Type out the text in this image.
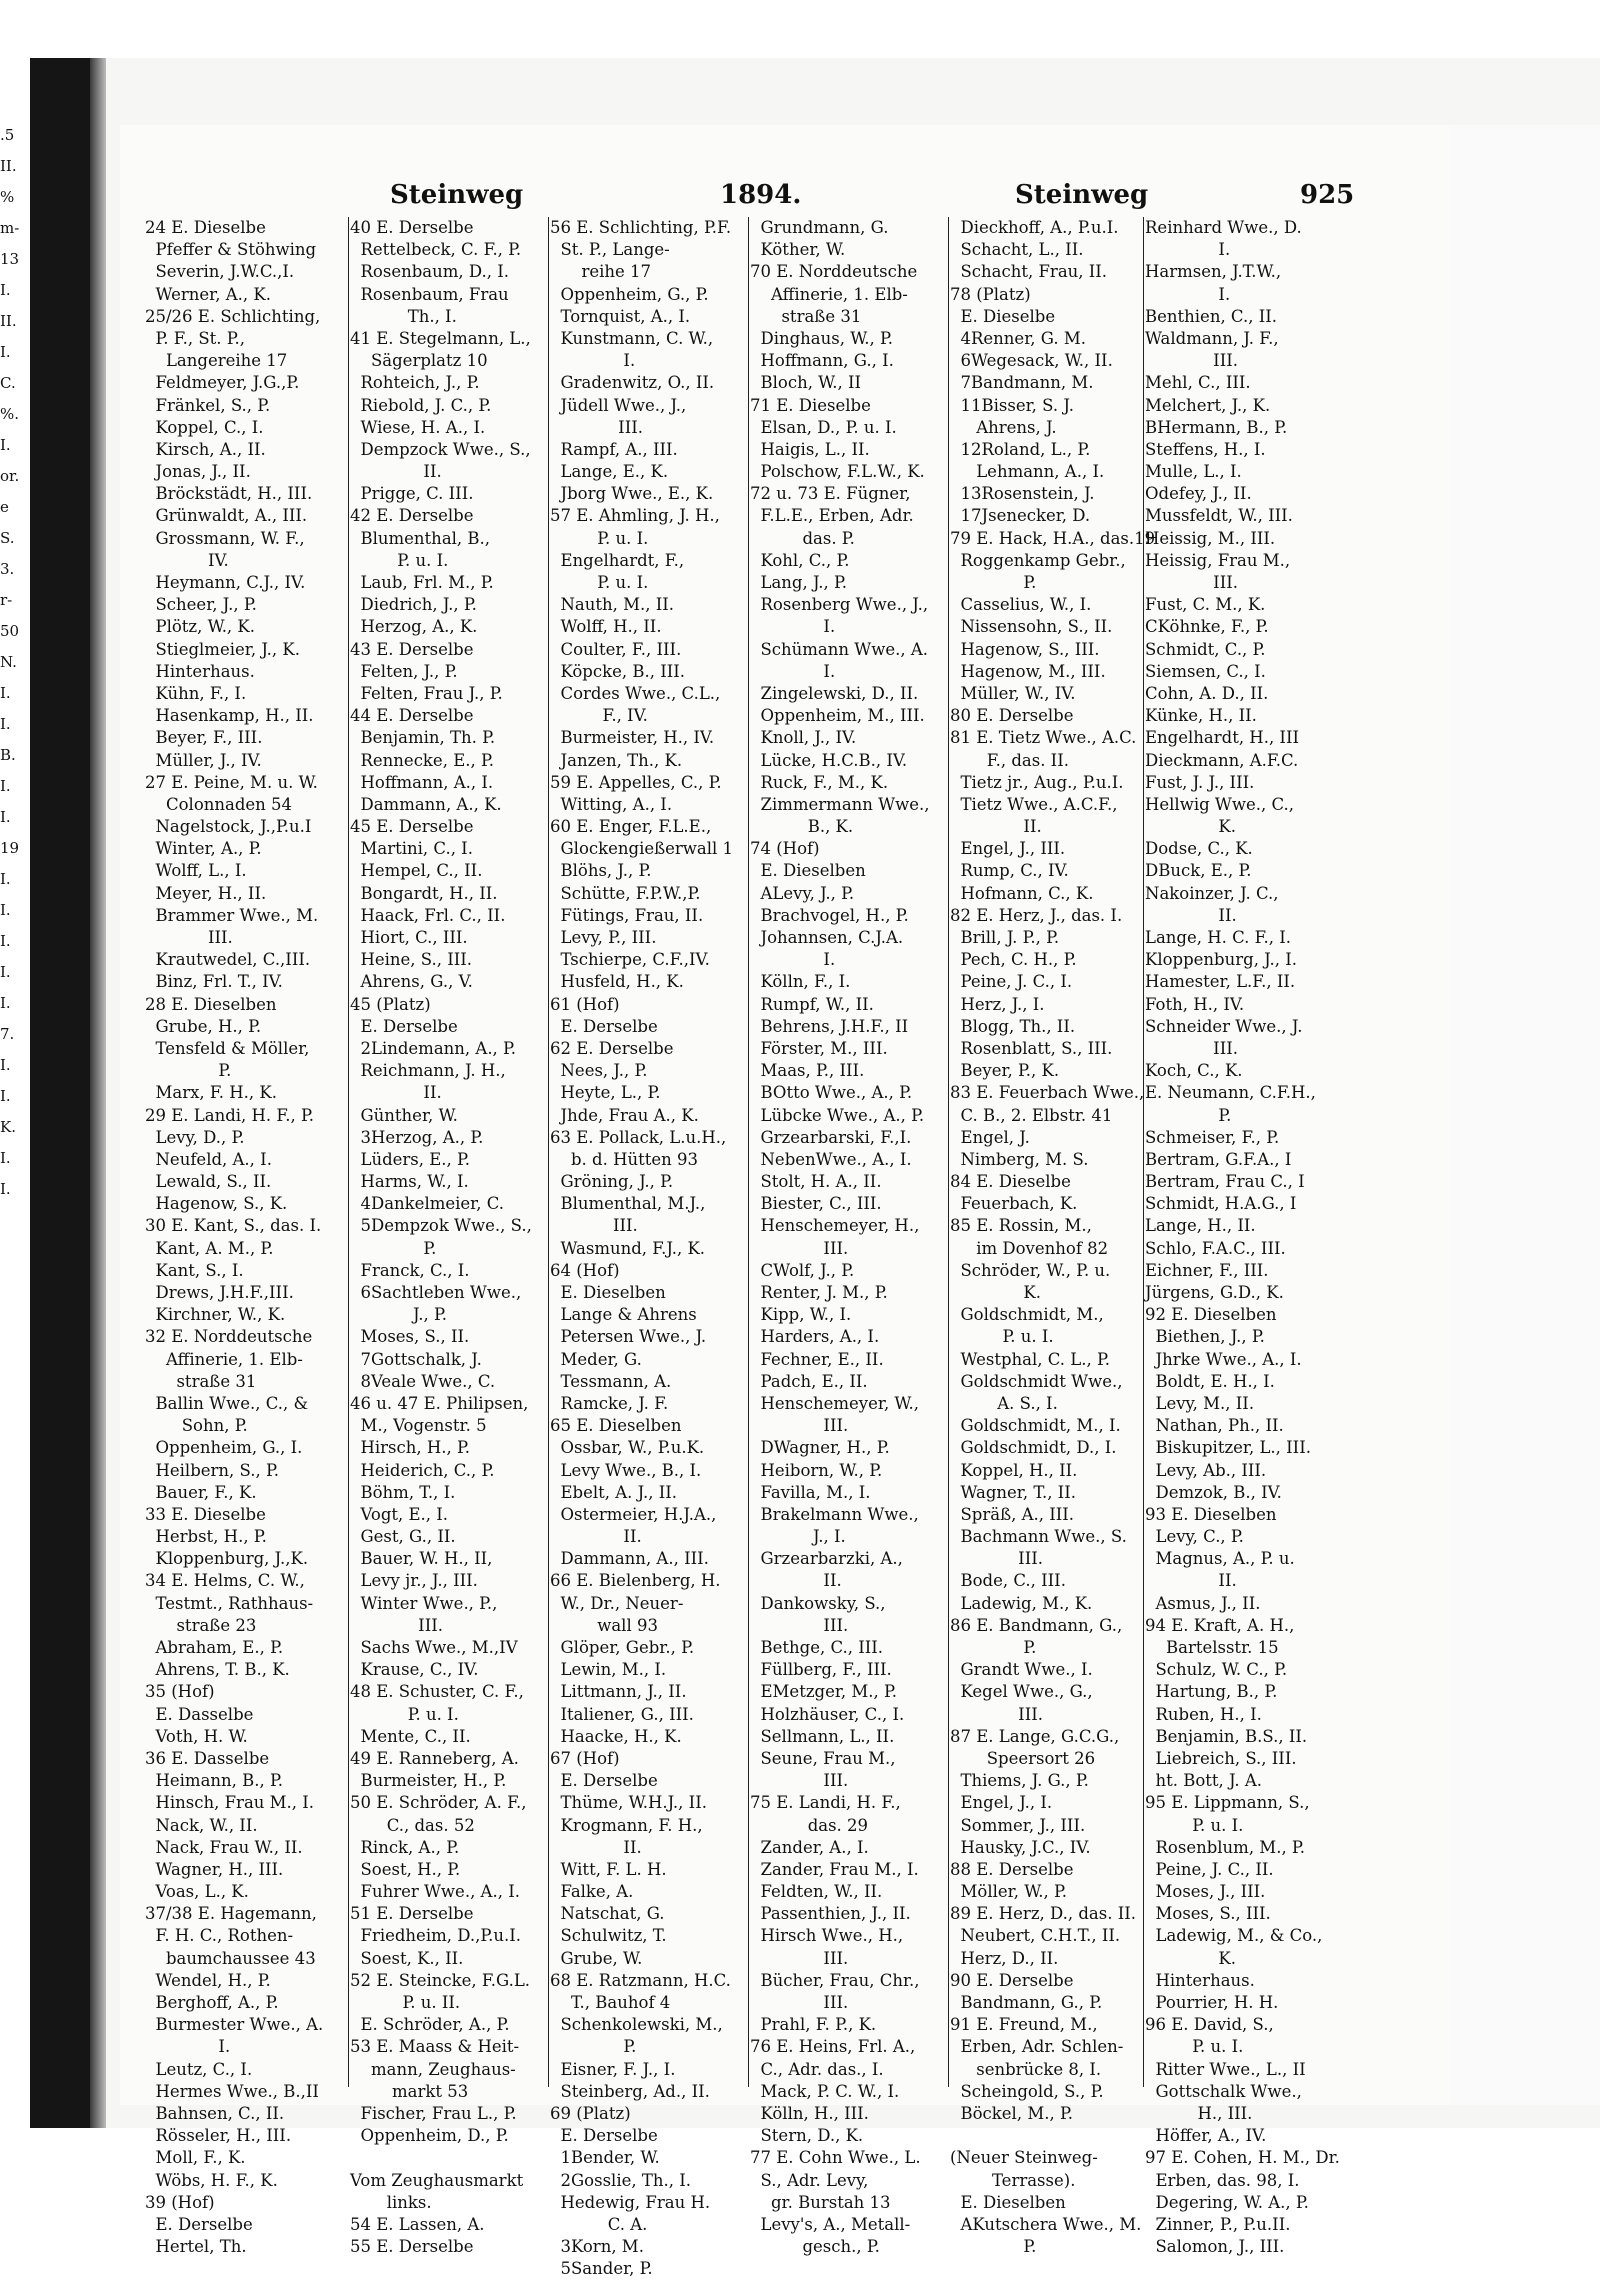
.5
II.
%
m-
13
I.
II.
I.
C.
%.
I.
or.
e
S.
3.
r-
50
N.
I.
I.
B.
I.
I.
19
I.
I.
I.
I.
I.
7.
I.
I.
K.
I.
I.
Steinweg	1894.	Steinweg	925
24 E. Dieselbe
Pfeffer & Stöhwing
Severin, J.W.C.,I.
Werner, A., K.
25/26 E. Schlichting,
P. F., St. P.,
Langereihe 17
Feldmeyer, J.G.,P.
Fränkel, S., P.
Koppel, C., I.
Kirsch, A., II.
Jonas, J., II.
Bröckstädt, H., III.
Grünwaldt, A., III.
Grossmann, W. F.,
IV.
Heymann, C.J., IV.
Scheer, J., P.
Plötz, W., K.
Stieglmeier, J., K.
Hinterhaus.
Kühn, F., I.
Hasenkamp, H., II.
Beyer, F., III.
Müller, J., IV.
27 E. Peine, M. u. W.
Colonnaden 54
Nagelstock, J.,P.u.I
Winter, A., P.
Wolff, L., I.
Meyer, H., II.
Brammer Wwe., M.
III.
Krautwedel, C.,III.
Binz, Frl. T., IV.
28 E. Dieselben
Grube, H., P.
Tensfeld & Möller,
P.
Marx, F. H., K.
29 E. Landi, H. F., P.
Levy, D., P.
Neufeld, A., I.
Lewald, S., II.
Hagenow, S., K.
30 E. Kant, S., das. I.
Kant, A. M., P.
Kant, S., I.
Drews, J.H.F.,III.
Kirchner, W., K.
32 E. Norddeutsche
Affinerie, 1. Elb-
straße 31
Ballin Wwe., C., &
Sohn, P.
Oppenheim, G., I.
Heilbern, S., P.
Bauer, F., K.
33 E. Dieselbe
Herbst, H., P.
Kloppenburg, J.,K.
34 E. Helms, C. W.,
Testmt., Rathhaus-
straße 23
Abraham, E., P.
Ahrens, T. B., K.
35 (Hof)
E. Dasselbe
Voth, H. W.
36 E. Dasselbe
Heimann, B., P.
Hinsch, Frau M., I.
Nack, W., II.
Nack, Frau W., II.
Wagner, H., III.
Voas, L., K.
37/38 E. Hagemann,
F. H. C., Rothen-
baumchaussee 43
Wendel, H., P.
Berghoff, A., P.
Burmester Wwe., A.
I.
Leutz, C., I.
Hermes Wwe., B.,II
Bahnsen, C., II.
Rösseler, H., III.
Moll, F., K.
Wöbs, H. F., K.
39 (Hof)
E. Derselbe
Hertel, Th.
40 E. Derselbe
Rettelbeck, C. F., P.
Rosenbaum, D., I.
Rosenbaum, Frau
Th., I.
41 E. Stegelmann, L.,
Sägerplatz 10
Rohteich, J., P.
Riebold, J. C., P.
Wiese, H. A., I.
Dempzock Wwe., S.,
II.
Prigge, C. III.
42 E. Derselbe
Blumenthal, B.,
P. u. I.
Laub, Frl. M., P.
Diedrich, J., P.
Herzog, A., K.
43 E. Derselbe
Felten, J., P.
Felten, Frau J., P.
44 E. Derselbe
Benjamin, Th. P.
Rennecke, E., P.
Hoffmann, A., I.
Dammann, A., K.
45 E. Derselbe
Martini, C., I.
Hempel, C., II.
Bongardt, H., II.
Haack, Frl. C., II.
Hiort, C., III.
Heine, S., III.
Ahrens, G., V.
45 (Platz)
E. Derselbe
2Lindemann, A., P.
Reichmann, J. H.,
II.
Günther, W.
3Herzog, A., P.
Lüders, E., P.
Harms, W., I.
4Dankelmeier, C.
5Dempzok Wwe., S.,
P.
Franck, C., I.
6Sachtleben Wwe.,
J., P.
Moses, S., II.
7Gottschalk, J.
8Veale Wwe., C.
46 u. 47 E. Philipsen,
M., Vogenstr. 5
Hirsch, H., P.
Heiderich, C., P.
Böhm, T., I.
Vogt, E., I.
Gest, G., II.
Bauer, W. H., II,
Levy jr., J., III.
Winter Wwe., P.,
III.
Sachs Wwe., M.,IV
Krause, C., IV.
48 E. Schuster, C. F.,
P. u. I.
Mente, C., II.
49 E. Ranneberg, A.
Burmeister, H., P.
50 E. Schröder, A. F.,
C., das. 52
Rinck, A., P.
Soest, H., P.
Fuhrer Wwe., A., I.
51 E. Derselbe
Friedheim, D.,P.u.I.
Soest, K., II.
52 E. Steincke, F.G.L.
P. u. II.
E. Schröder, A., P.
53 E. Maass & Heit-
mann, Zeughaus-
markt 53
Fischer, Frau L., P.
Oppenheim, D., P.
Vom Zeughausmarkt
links.
54 E. Lassen, A.
55 E. Derselbe
56 E. Schlichting, P.F.
St. P., Lange-
reihe 17
Oppenheim, G., P.
Tornquist, A., I.
Kunstmann, C. W.,
I.
Gradenwitz, O., II.
Jüdell Wwe., J.,
III.
Rampf, A., III.
Lange, E., K.
Jborg Wwe., E., K.
57 E. Ahmling, J. H.,
P. u. I.
Engelhardt, F.,
P. u. I.
Nauth, M., II.
Wolff, H., II.
Coulter, F., III.
Köpcke, B., III.
Cordes Wwe., C.L.,
F., IV.
Burmeister, H., IV.
Janzen, Th., K.
59 E. Appelles, C., P.
Witting, A., I.
60 E. Enger, F.L.E.,
Glockengießerwall 1
Blöhs, J., P.
Schütte, F.P.W.,P.
Fütings, Frau, II.
Levy, P., III.
Tschierpe, C.F.,IV.
Husfeld, H., K.
61 (Hof)
E. Derselbe
62 E. Derselbe
Nees, J., P.
Heyte, L., P.
Jhde, Frau A., K.
63 E. Pollack, L.u.H.,
b. d. Hütten 93
Gröning, J., P.
Blumenthal, M.J.,
III.
Wasmund, F.J., K.
64 (Hof)
E. Dieselben
Lange & Ahrens
Petersen Wwe., J.
Meder, G.
Tessmann, A.
Ramcke, J. F.
65 E. Dieselben
Ossbar, W., P.u.K.
Levy Wwe., B., I.
Ebelt, A. J., II.
Ostermeier, H.J.A.,
II.
Dammann, A., III.
66 E. Bielenberg, H.
W., Dr., Neuer-
wall 93
Glöper, Gebr., P.
Lewin, M., I.
Littmann, J., II.
Italiener, G., III.
Haacke, H., K.
67 (Hof)
E. Derselbe
Thüme, W.H.J., II.
Krogmann, F. H.,
II.
Witt, F. L. H.
Falke, A.
Natschat, G.
Schulwitz, T.
Grube, W.
68 E. Ratzmann, H.C.
T., Bauhof 4
Schenkolewski, M.,
P.
Eisner, F. J., I.
Steinberg, Ad., II.
69 (Platz)
E. Derselbe
1Bender, W.
2Gosslie, Th., I.
Hedewig, Frau H.
C. A.
3Korn, M.
5Sander, P.
Grundmann, G.
Köther, W.
70 E. Norddeutsche
Affinerie, 1. Elb-
straße 31
Dinghaus, W., P.
Hoffmann, G., I.
Bloch, W., II
71 E. Dieselbe
Elsan, D., P. u. I.
Haigis, L., II.
Polschow, F.L.W., K.
72 u. 73 E. Fügner,
F.L.E., Erben, Adr.
das. P.
Kohl, C., P.
Lang, J., P.
Rosenberg Wwe., J.,
I.
Schümann Wwe., A.
I.
Zingelewski, D., II.
Oppenheim, M., III.
Knoll, J., IV.
Lücke, H.C.B., IV.
Ruck, F., M., K.
Zimmermann Wwe.,
B., K.
74 (Hof)
E. Dieselben
ALevy, J., P.
Brachvogel, H., P.
Johannsen, C.J.A.
I.
Kölln, F., I.
Rumpf, W., II.
Behrens, J.H.F., II
Förster, M., III.
Maas, P., III.
BOtto Wwe., A., P.
Lübcke Wwe., A., P.
Grzearbarski, F.,I.
NebenWwe., A., I.
Stolt, H. A., II.
Biester, C., III.
Henschemeyer, H.,
III.
CWolf, J., P.
Renter, J. M., P.
Kipp, W., I.
Harders, A., I.
Fechner, E., II.
Padch, E., II.
Henschemeyer, W.,
III.
DWagner, H., P.
Heiborn, W., P.
Favilla, M., I.
Brakelmann Wwe.,
J., I.
Grzearbarzki, A.,
II.
Dankowsky, S.,
III.
Bethge, C., III.
Füllberg, F., III.
EMetzger, M., P.
Holzhäuser, C., I.
Sellmann, L., II.
Seune, Frau M.,
III.
75 E. Landi, H. F.,
das. 29
Zander, A., I.
Zander, Frau M., I.
Feldten, W., II.
Passenthien, J., II.
Hirsch Wwe., H.,
III.
Bücher, Frau, Chr.,
III.
Prahl, F. P., K.
76 E. Heins, Frl. A.,
C., Adr. das., I.
Mack, P. C. W., I.
Kölln, H., III.
Stern, D., K.
77 E. Cohn Wwe., L.
S., Adr. Levy,
gr. Burstah 13
Levy's, A., Metall-
gesch., P.
Dieckhoff, A., P.u.I.
Schacht, L., II.
Schacht, Frau, II.
78 (Platz)
E. Dieselbe
4Renner, G. M.
6Wegesack, W., II.
7Bandmann, M.
11Bisser, S. J.
Ahrens, J.
12Roland, L., P.
Lehmann, A., I.
13Rosenstein, J.
17Jsenecker, D.
79 E. Hack, H.A., das.19
Roggenkamp Gebr.,
P.
Casselius, W., I.
Nissensohn, S., II.
Hagenow, S., III.
Hagenow, M., III.
Müller, W., IV.
80 E. Derselbe
81 E. Tietz Wwe., A.C.
F., das. II.
Tietz jr., Aug., P.u.I.
Tietz Wwe., A.C.F.,
II.
Engel, J., III.
Rump, C., IV.
Hofmann, C., K.
82 E. Herz, J., das. I.
Brill, J. P., P.
Pech, C. H., P.
Peine, J. C., I.
Herz, J., I.
Blogg, Th., II.
Rosenblatt, S., III.
Beyer, P., K.
83 E. Feuerbach Wwe.,
C. B., 2. Elbstr. 41
Engel, J.
Nimberg, M. S.
84 E. Dieselbe
Feuerbach, K.
85 E. Rossin, M.,
im Dovenhof 82
Schröder, W., P. u.
K.
Goldschmidt, M.,
P. u. I.
Westphal, C. L., P.
Goldschmidt Wwe.,
A. S., I.
Goldschmidt, M., I.
Goldschmidt, D., I.
Koppel, H., II.
Wagner, T., II.
Spräß, A., III.
Bachmann Wwe., S.
III.
Bode, C., III.
Ladewig, M., K.
86 E. Bandmann, G.,
P.
Grandt Wwe., I.
Kegel Wwe., G.,
III.
87 E. Lange, G.C.G.,
Speersort 26
Thiems, J. G., P.
Engel, J., I.
Sommer, J., III.
Hausky, J.C., IV.
88 E. Derselbe
Möller, W., P.
89 E. Herz, D., das. II.
Neubert, C.H.T., II.
Herz, D., II.
90 E. Derselbe
Bandmann, G., P.
91 E. Freund, M.,
Erben, Adr. Schlen-
senbrücke 8, I.
Scheingold, S., P.
Böckel, M., P.
(Neuer Steinweg-
Terrasse).
E. Dieselben
AKutschera Wwe., M.
P.
Reinhard Wwe., D.
I.
Harmsen, J.T.W.,
I.
Benthien, C., II.
Waldmann, J. F.,
III.
Mehl, C., III.
Melchert, J., K.
BHermann, B., P.
Steffens, H., I.
Mulle, L., I.
Odefey, J., II.
Mussfeldt, W., III.
Heissig, M., III.
Heissig, Frau M.,
III.
Fust, C. M., K.
CKöhnke, F., P.
Schmidt, C., P.
Siemsen, C., I.
Cohn, A. D., II.
Künke, H., II.
Engelhardt, H., III
Dieckmann, A.F.C.
Fust, J. J., III.
Hellwig Wwe., C.,
K.
Dodse, C., K.
DBuck, E., P.
Nakoinzer, J. C.,
II.
Lange, H. C. F., I.
Kloppenburg, J., I.
Hamester, L.F., II.
Foth, H., IV.
Schneider Wwe., J.
III.
Koch, C., K.
E. Neumann, C.F.H.,
P.
Schmeiser, F., P.
Bertram, G.F.A., I
Bertram, Frau C., I
Schmidt, H.A.G., I
Lange, H., II.
Schlo, F.A.C., III.
Eichner, F., III.
Jürgens, G.D., K.
92 E. Dieselben
Biethen, J., P.
Jhrke Wwe., A., I.
Boldt, E. H., I.
Levy, M., II.
Nathan, Ph., II.
Biskupitzer, L., III.
Levy, Ab., III.
Demzok, B., IV.
93 E. Dieselben
Levy, C., P.
Magnus, A., P. u.
II.
Asmus, J., II.
94 E. Kraft, A. H.,
Bartelsstr. 15
Schulz, W. C., P.
Hartung, B., P.
Ruben, H., I.
Benjamin, B.S., II.
Liebreich, S., III.
ht. Bott, J. A.
95 E. Lippmann, S.,
P. u. I.
Rosenblum, M., P.
Peine, J. C., II.
Moses, J., III.
Moses, S., III.
Ladewig, M., & Co.,
K.
Hinterhaus.
Pourrier, H. H.
96 E. David, S.,
P. u. I.
Ritter Wwe., L., II
Gottschalk Wwe.,
H., III.
Höffer, A., IV.
97 E. Cohen, H. M., Dr.
Erben, das. 98, I.
Degering, W. A., P.
Zinner, P., P.u.II.
Salomon, J., III.
